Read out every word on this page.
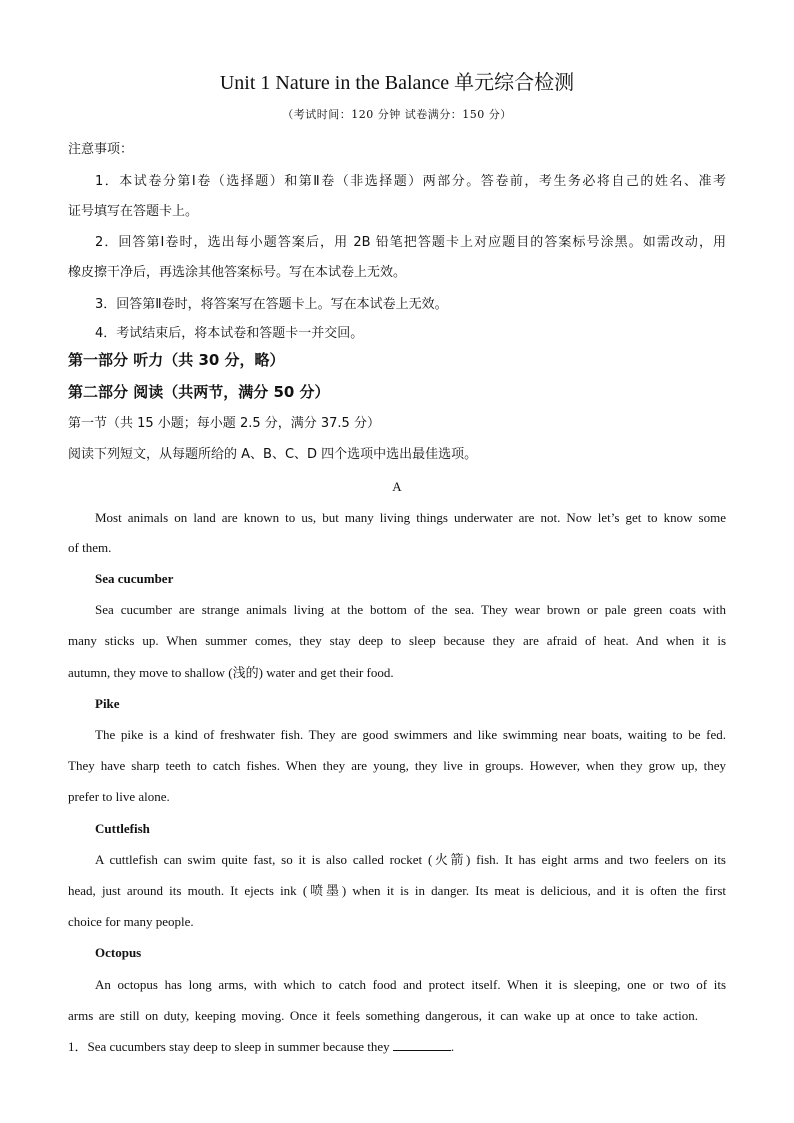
Unit 1 Nature in the Balance 单元综合检测
（考试时间：120 分钟 试卷满分：150 分）
注意事项：
1．本试卷分第Ⅰ卷（选择题）和第Ⅱ卷（非选择题）两部分。答卷前，考生务必将自己的姓名、准考
证号填写在答题卡上。
2．回答第Ⅰ卷时，选出每小题答案后，用 2B 铅笔把答题卡上对应题目的答案标号涂黑。如需改动，用
橡皮擦干净后，再选涂其他答案标号。写在本试卷上无效。
3．回答第Ⅱ卷时，将答案写在答题卡上。写在本试卷上无效。
4．考试结束后，将本试卷和答题卡一并交回。
第一部分 听力（共 30 分，略）
第二部分 阅读（共两节，满分 50 分）
第一节（共 15 小题；每小题 2.5 分，满分 37.5 分）
阅读下列短文，从每题所给的 A、B、C、D 四个选项中选出最佳选项。
A
Most animals on land are known to us, but many living things underwater are not. Now let’s get to know some
of them.
Sea cucumber
Sea cucumber are strange animals living at the bottom of the sea. They wear brown or pale green coats with
many sticks up. When summer comes, they stay deep to sleep because they are afraid of heat. And when it is
autumn, they move to shallow (浅的) water and get their food.
Pike
The pike is a kind of freshwater fish. They are good swimmers and like swimming near boats, waiting to be fed.
They have sharp teeth to catch fishes. When they are young, they live in groups. However, when they grow up, they
prefer to live alone.
Cuttlefish
A cuttlefish can swim quite fast, so it is also called rocket (火箭) fish. It has eight arms and two feelers on its
head, just around its mouth. It ejects ink (喷墨) when it is in danger. Its meat is delicious, and it is often the first
choice for many people.
Octopus
An octopus has long arms, with which to catch food and protect itself. When it is sleeping, one or two of its
arms are still on duty, keeping moving. Once it feels something dangerous, it can wake up at once to take action.
1．Sea cucumbers stay deep to sleep in summer because they	.
